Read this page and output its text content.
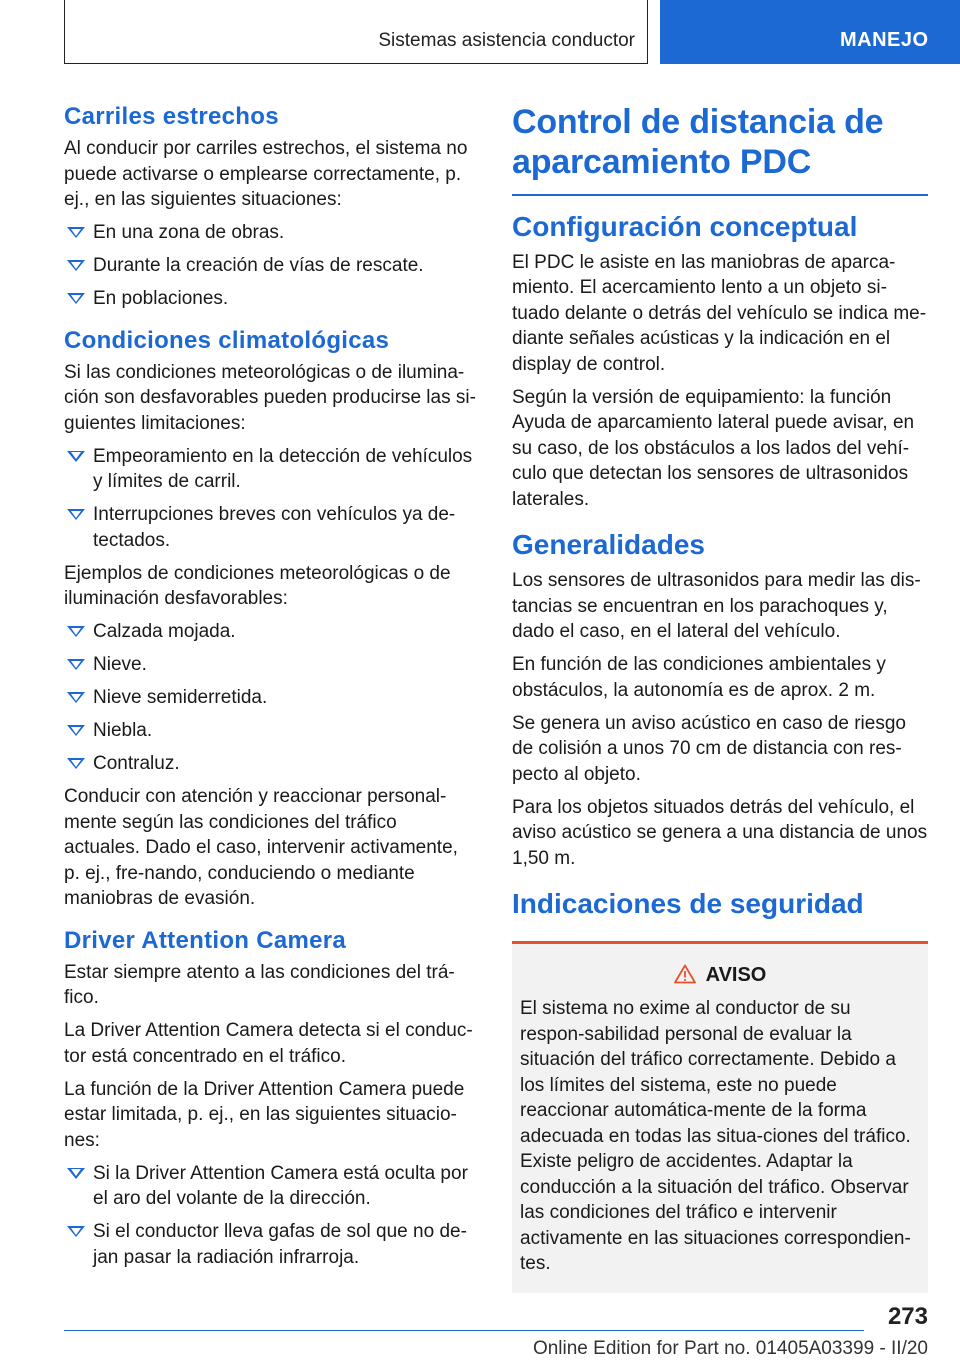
Sistemas asistencia conductor	MANEJO
Carriles estrechos

Al conducir por carriles estrechos, el sistema no puede activarse o emplearse correctamente, p. ej., en las siguientes situaciones:

En una zona de obras.
Durante la creación de vías de rescate.
En poblaciones.
Condiciones climatológicas

Si las condiciones meteorológicas o de ilumina‐ción son desfavorables pueden producirse las si‐guientes limitaciones:

Empeoramiento en la detección de vehículos y límites de carril.
Interrupciones breves con vehículos ya de‐tectados.

Ejemplos de condiciones meteorológicas o de iluminación desfavorables:

Calzada mojada.
Nieve.
Nieve semiderretida.
Niebla.
Contraluz.

Conducir con atención y reaccionar personal‐mente según las condiciones del tráfico actuales. Dado el caso, intervenir activamente, p. ej., fre‐nando, conduciendo o mediante maniobras de evasión.

Driver Attention Camera

Estar siempre atento a las condiciones del trá‐fico.

La Driver Attention Camera detecta si el conduc‐tor está concentrado en el tráfico.

La función de la Driver Attention Camera puede estar limitada, p. ej., en las siguientes situacio‐nes:

Si la Driver Attention Camera está oculta por el aro del volante de la dirección.
Si el conductor lleva gafas de sol que no de‐jan pasar la radiación infrarroja.
Control de distancia de aparcamiento PDC
Configuración conceptual

El PDC le asiste en las maniobras de aparca‐miento. El acercamiento lento a un objeto si‐tuado delante o detrás del vehículo se indica me‐diante señales acústicas y la indicación en el display de control.

Según la versión de equipamiento: la función Ayuda de aparcamiento lateral puede avisar, en su caso, de los obstáculos a los lados del vehí‐culo que detectan los sensores de ultrasonidos laterales.

Generalidades

Los sensores de ultrasonidos para medir las dis‐tancias se encuentran en los parachoques y, dado el caso, en el lateral del vehículo.

En función de las condiciones ambientales y obstáculos, la autonomía es de aprox. 2 m.

Se genera un aviso acústico en caso de riesgo de colisión a unos 70 cm de distancia con res‐pecto al objeto.

Para los objetos situados detrás del vehículo, el aviso acústico se genera a una distancia de unos 1,50 m.

Indicaciones de seguridad
AVISO

El sistema no exime al conductor de su respon‐sabilidad personal de evaluar la situación del tráfico correctamente. Debido a los límites del sistema, este no puede reaccionar automática‐mente de la forma adecuada en todas las situa‐ciones del tráfico. Existe peligro de accidentes. Adaptar la conducción a la situación del tráfico. Observar las condiciones del tráfico e intervenir activamente en las situaciones correspondien‐tes.

273
Online Edition for Part no. 01405A03399 - II/20
